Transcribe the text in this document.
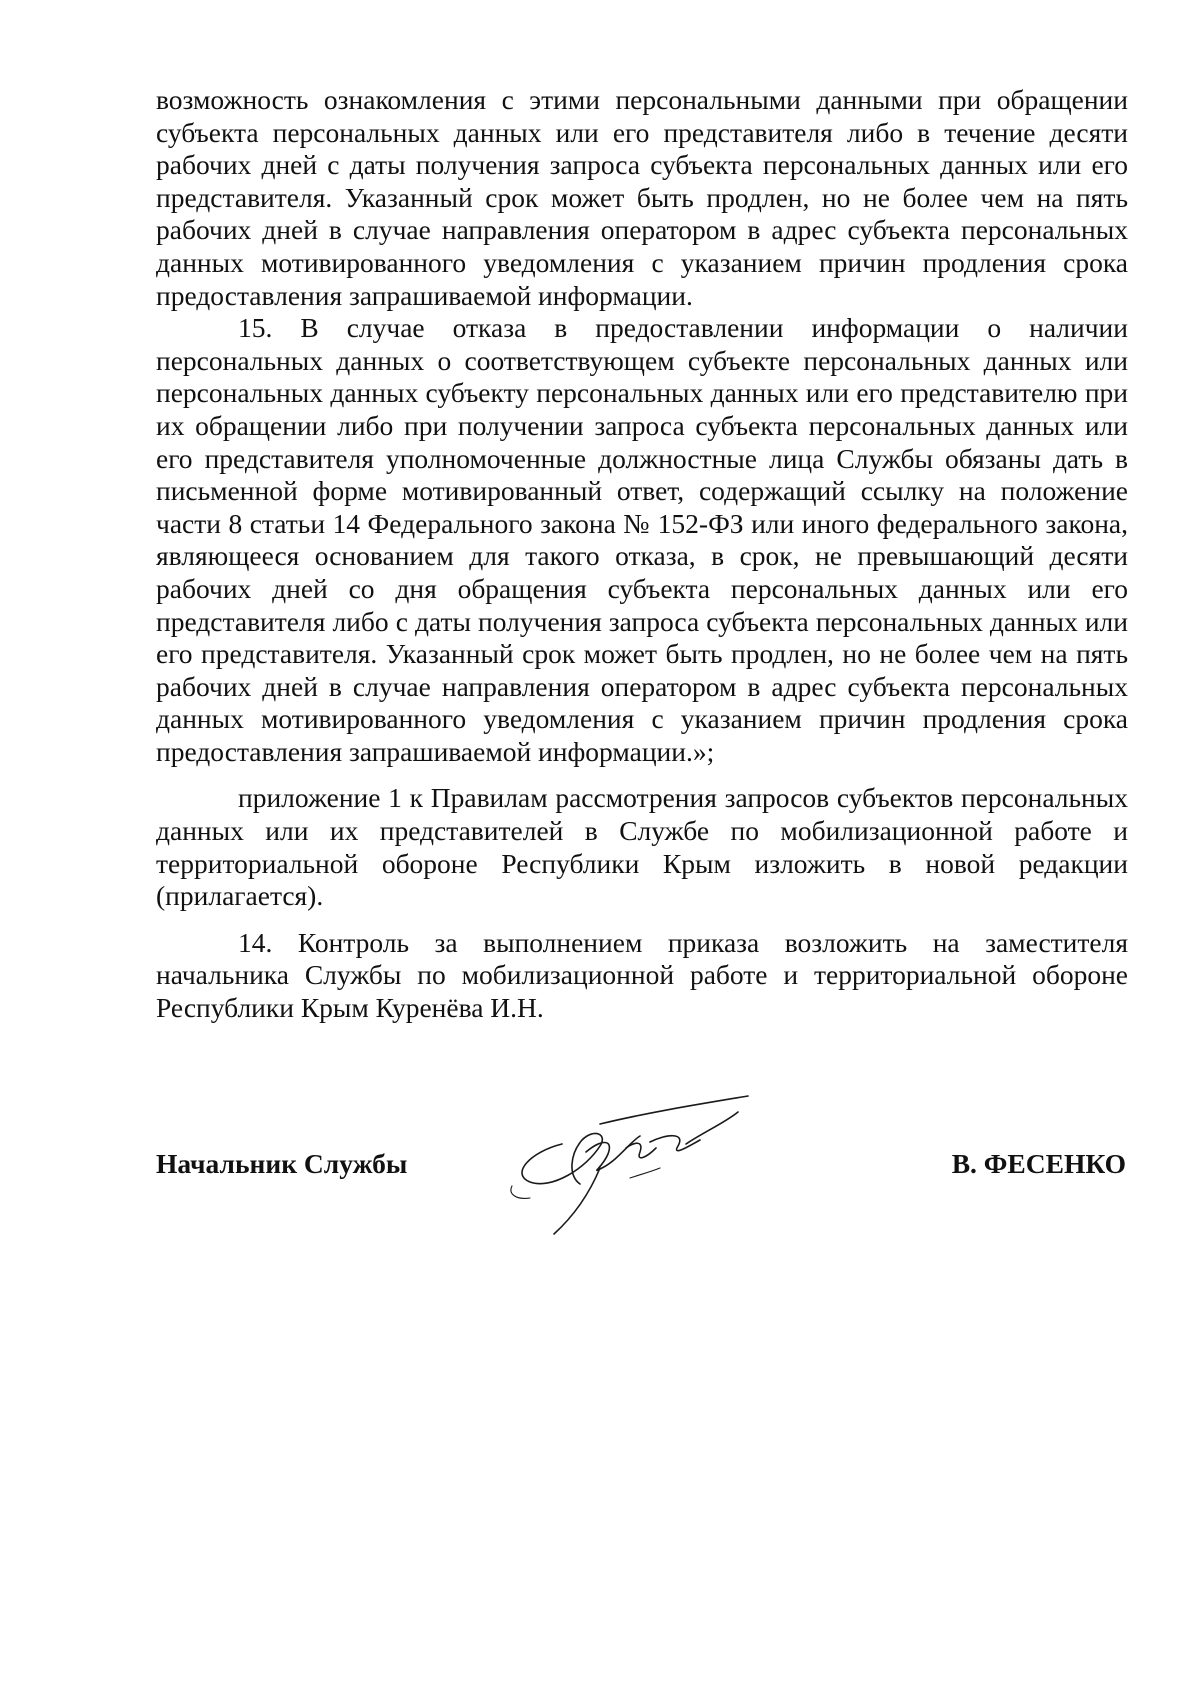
возможность ознакомления с этими персональными данными при обращении субъекта персональных данных или его представителя либо в течение десяти рабочих дней с даты получения запроса субъекта персональных данных или его представителя. Указанный срок может быть продлен, но не более чем на пять рабочих дней в случае направления оператором в адрес субъекта персональных данных мотивированного уведомления с указанием причин продления срока предоставления запрашиваемой информации.

15. В случае отказа в предоставлении информации о наличии персональных данных о соответствующем субъекте персональных данных или персональных данных субъекту персональных данных или его представителю при их обращении либо при получении запроса субъекта персональных данных или его представителя уполномоченные должностные лица Службы обязаны дать в письменной форме мотивированный ответ, содержащий ссылку на положение части 8 статьи 14 Федерального закона № 152-ФЗ или иного федерального закона, являющееся основанием для такого отказа, в срок, не превышающий десяти рабочих дней со дня обращения субъекта персональных данных или его представителя либо с даты получения запроса субъекта персональных данных или его представителя. Указанный срок может быть продлен, но не более чем на пять рабочих дней в случае направления оператором в адрес субъекта персональных данных мотивированного уведомления с указанием причин продления срока предоставления запрашиваемой информации.»;

приложение 1 к Правилам рассмотрения запросов субъектов персональных данных или их представителей в Службе по мобилизационной работе и территориальной обороне Республики Крым изложить в новой редакции (прилагается).

14. Контроль за выполнением приказа возложить на заместителя начальника Службы по мобилизационной работе и территориальной обороне Республики Крым Куренёва И.Н.

Начальник Службы	В. ФЕСЕНКО
